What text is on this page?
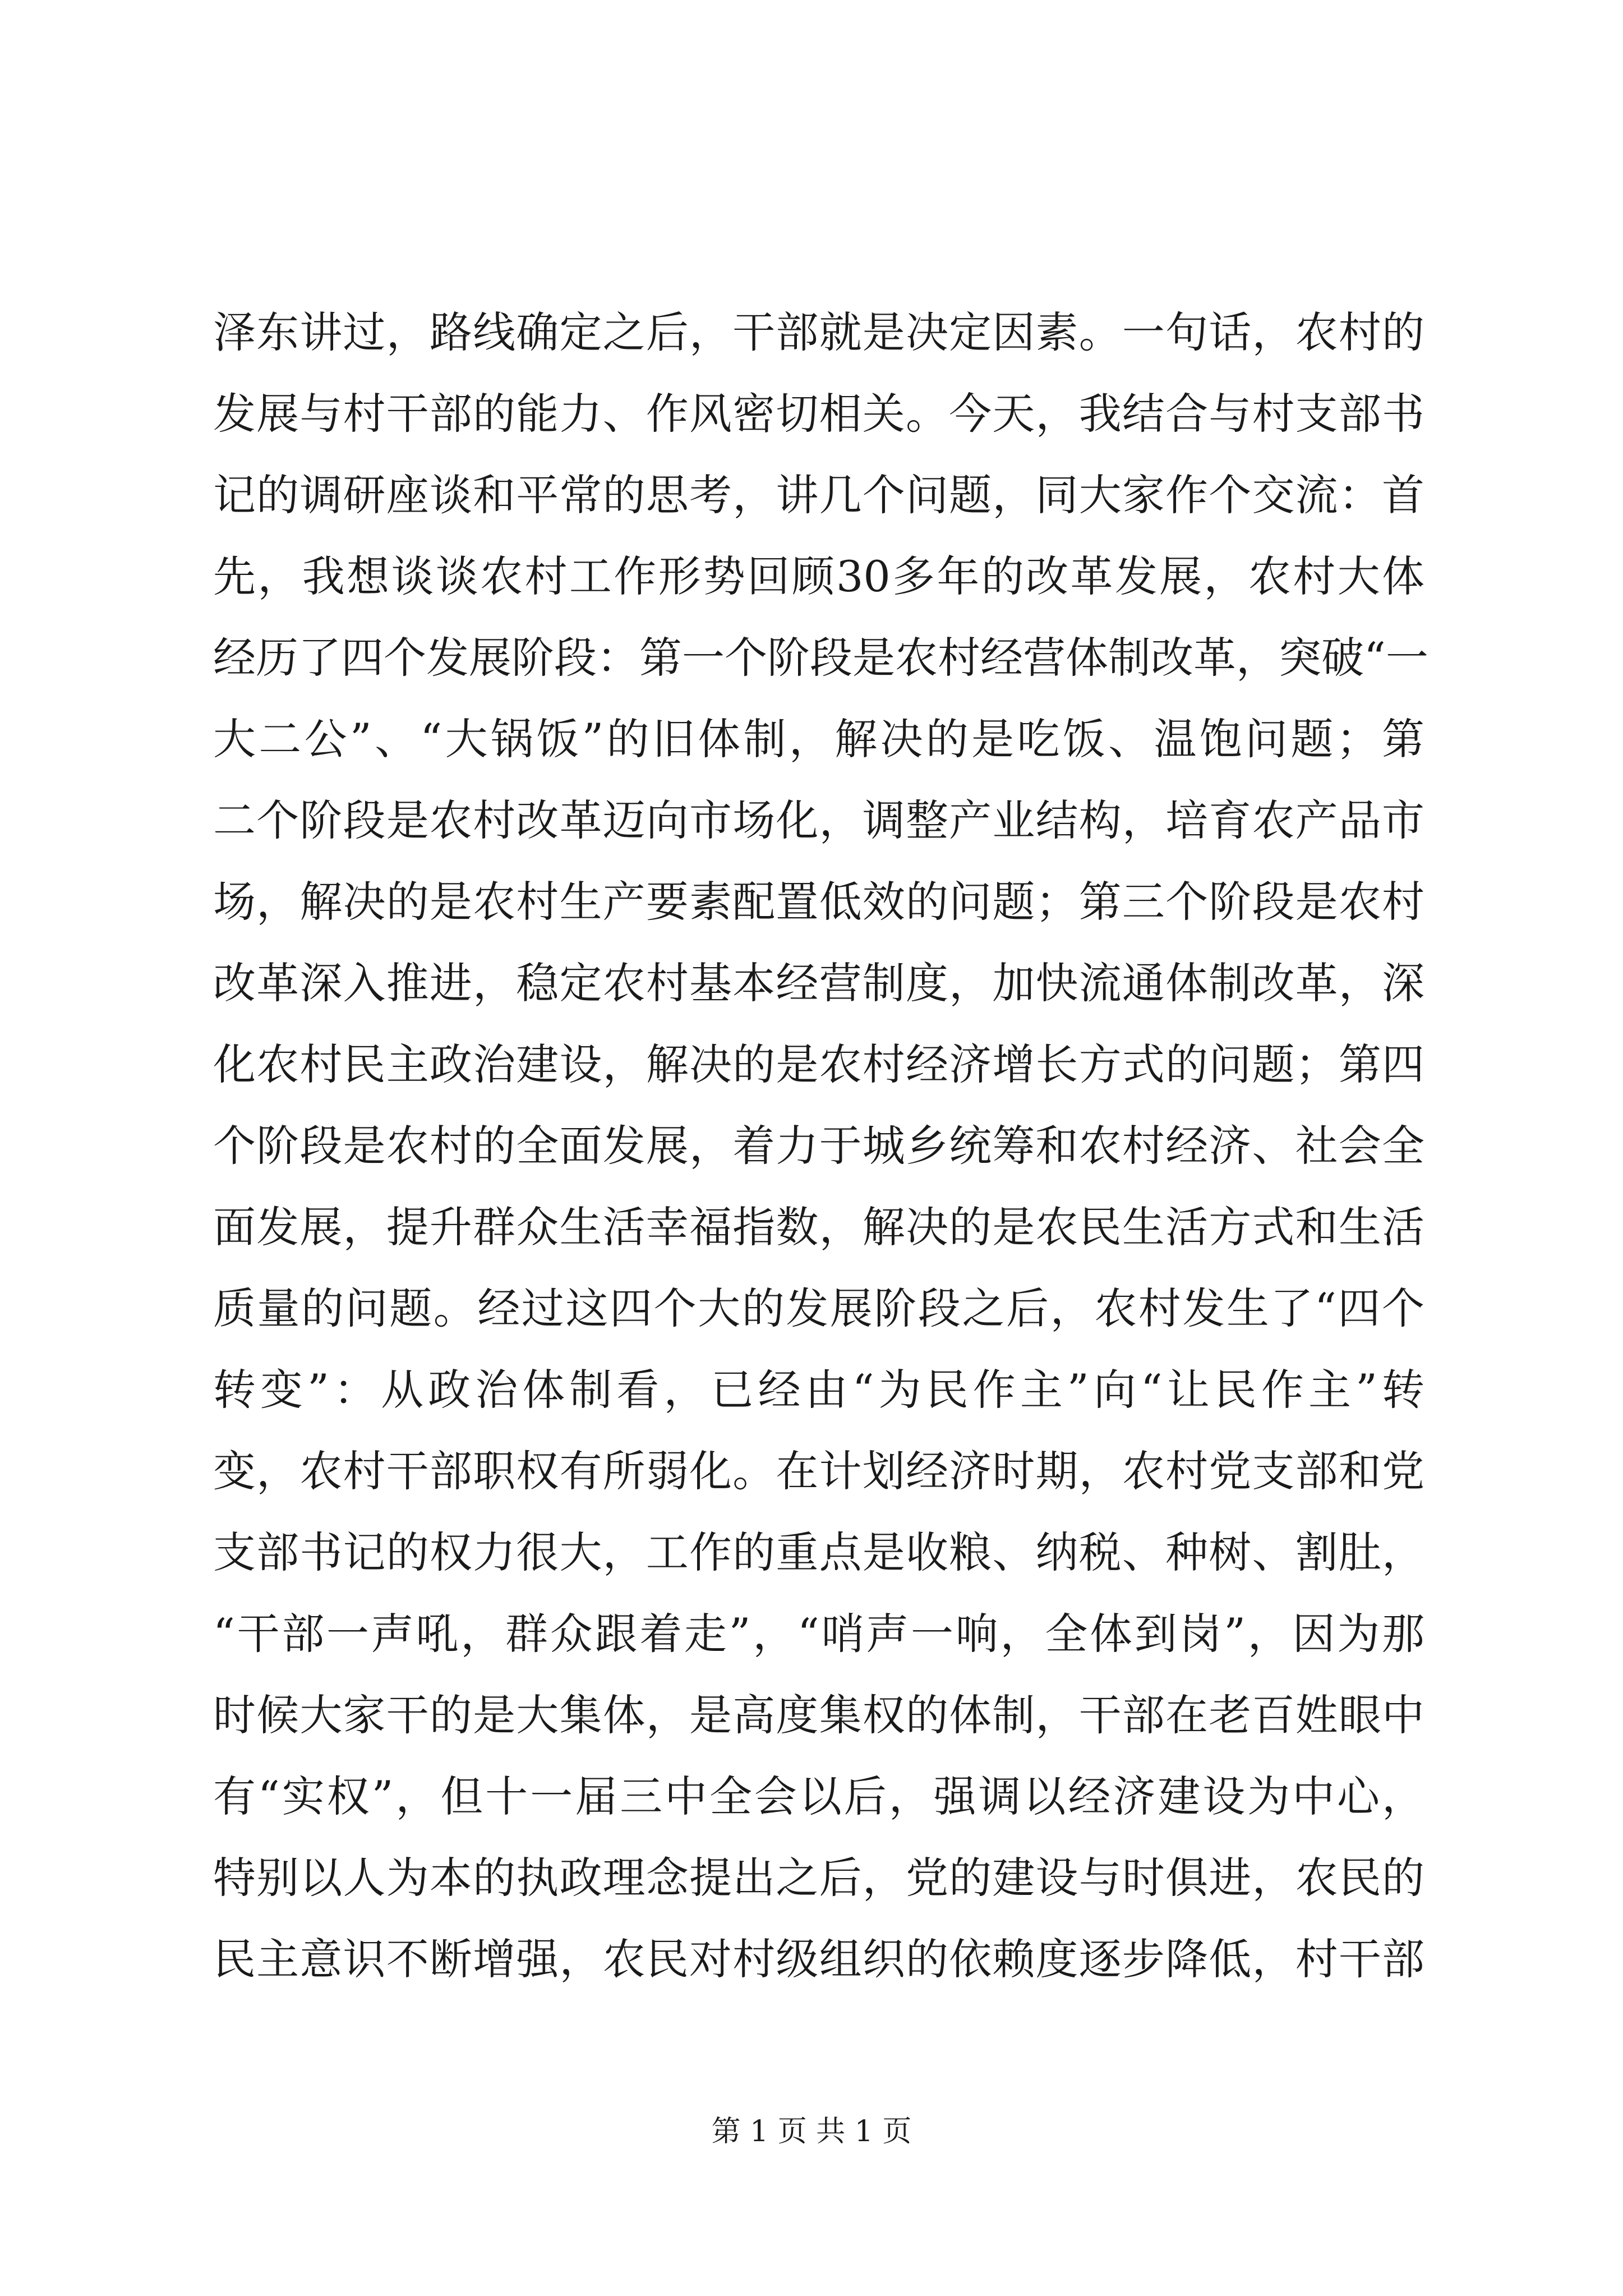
泽东讲过，路线确定之后，干部就是决定因素。一句话，农村的
发展与村干部的能力、作风密切相关。今天，我结合与村支部书
记的调研座谈和平常的思考，讲几个问题，同大家作个交流：首
先，我想谈谈农村工作形势回顾30多年的改革发展，农村大体
经历了四个发展阶段：第一个阶段是农村经营体制改革，突破“一
大二公”、“大锅饭”的旧体制，解决的是吃饭、温饱问题；第
二个阶段是农村改革迈向市场化，调整产业结构，培育农产品市
场，解决的是农村生产要素配置低效的问题；第三个阶段是农村
改革深入推进，稳定农村基本经营制度，加快流通体制改革，深
化农村民主政治建设，解决的是农村经济增长方式的问题；第四
个阶段是农村的全面发展，着力于城乡统筹和农村经济、社会全
面发展，提升群众生活幸福指数，解决的是农民生活方式和生活
质量的问题。经过这四个大的发展阶段之后，农村发生了“四个
转变”：从政治体制看，已经由“为民作主”向“让民作主”转
变，农村干部职权有所弱化。在计划经济时期，农村党支部和党
支部书记的权力很大，工作的重点是收粮、纳税、种树、割肚，
“干部一声吼，群众跟着走”，“哨声一响，全体到岗”，因为那
时候大家干的是大集体，是高度集权的体制，干部在老百姓眼中
有“实权”，但十一届三中全会以后，强调以经济建设为中心，
特别以人为本的执政理念提出之后，党的建设与时俱进，农民的
民主意识不断增强，农民对村级组织的依赖度逐步降低，村干部
第 1 页 共 1 页
